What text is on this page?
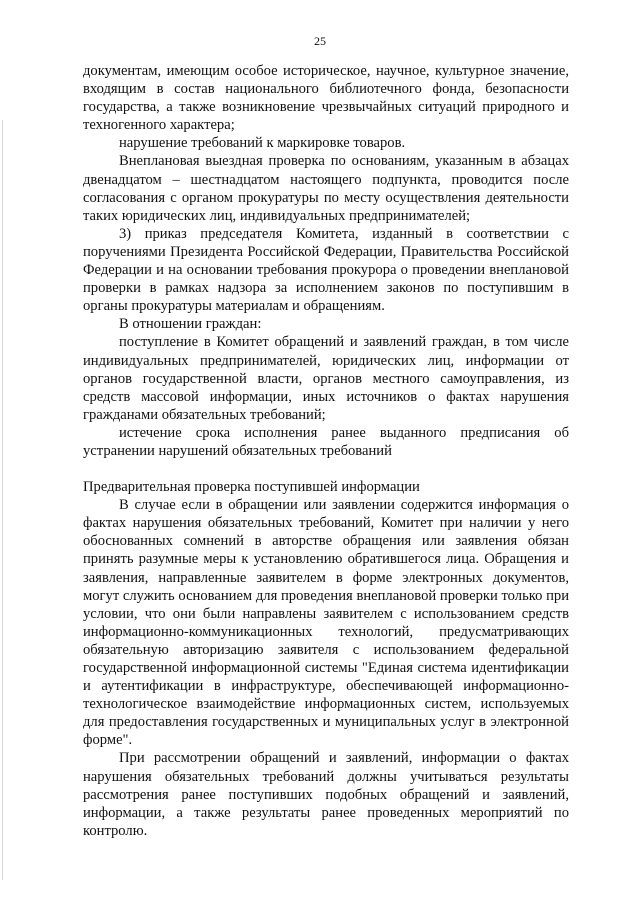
25

документам, имеющим особое историческое, научное, культурное значение, входящим в состав национального библиотечного фонда, безопасности государства, а также возникновение чрезвычайных ситуаций природного и техногенного характера;

нарушение требований к маркировке товаров.

Внеплановая выездная проверка по основаниям, указанным в абзацах двенадцатом – шестнадцатом настоящего подпункта, проводится после согласования с органом прокуратуры по месту осуществления деятельности таких юридических лиц, индивидуальных предпринимателей;

3) приказ председателя Комитета, изданный в соответствии с поручениями Президента Российской Федерации, Правительства Российской Федерации и на основании требования прокурора о проведении внеплановой проверки в рамках надзора за исполнением законов по поступившим в органы прокуратуры материалам и обращениям.

В отношении граждан:

поступление в Комитет обращений и заявлений граждан, в том числе индивидуальных предпринимателей, юридических лиц, информации от органов государственной власти, органов местного самоуправления, из средств массовой информации, иных источников о фактах нарушения гражданами обязательных требований;

истечение срока исполнения ранее выданного предписания об устранении нарушений обязательных требований

Предварительная проверка поступившей информации

В случае если в обращении или заявлении содержится информация о фактах нарушения обязательных требований, Комитет при наличии у него обоснованных сомнений в авторстве обращения или заявления обязан принять разумные меры к установлению обратившегося лица. Обращения и заявления, направленные заявителем в форме электронных документов, могут служить основанием для проведения внеплановой проверки только при условии, что они были направлены заявителем с использованием средств информационно-коммуникационных технологий, предусматривающих обязательную авторизацию заявителя с использованием федеральной государственной информационной системы "Единая система идентификации и аутентификации в инфраструктуре, обеспечивающей информационно-технологическое взаимодействие информационных систем, используемых для предоставления государственных и муниципальных услуг в электронной форме".

При рассмотрении обращений и заявлений, информации о фактах нарушения обязательных требований должны учитываться результаты рассмотрения ранее поступивших подобных обращений и заявлений, информации, а также результаты ранее проведенных мероприятий по контролю.
